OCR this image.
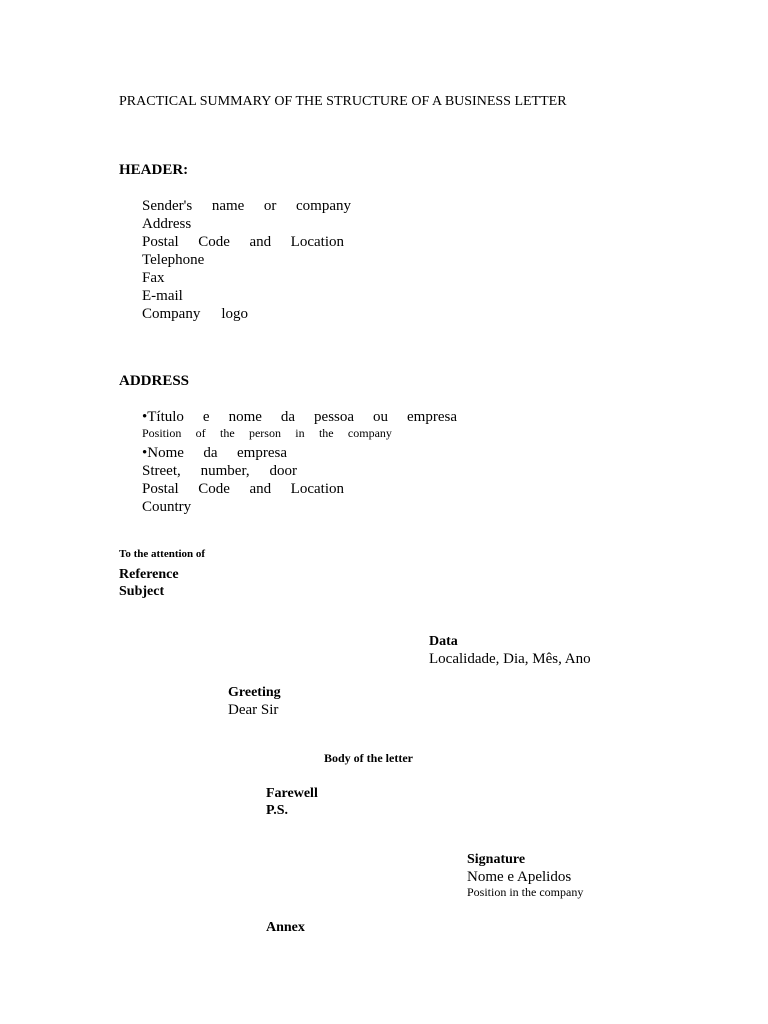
PRACTICAL SUMMARY OF THE STRUCTURE OF A BUSINESS LETTER
HEADER:
Sender's name or company
Address
Postal Code and Location
Telephone
Fax
E-mail
Company logo
ADDRESS
•Título e nome da pessoa ou empresa
Position of the person in the company
•Nome da empresa
Street, number, door
Postal Code and Location
Country
To the attention of
Reference
Subject
Data
Localidade, Dia, Mês, Ano
Greeting
Dear Sir
Body of the letter
Farewell
P.S.
Signature
Nome e Apelidos
Position in the company
Annex
